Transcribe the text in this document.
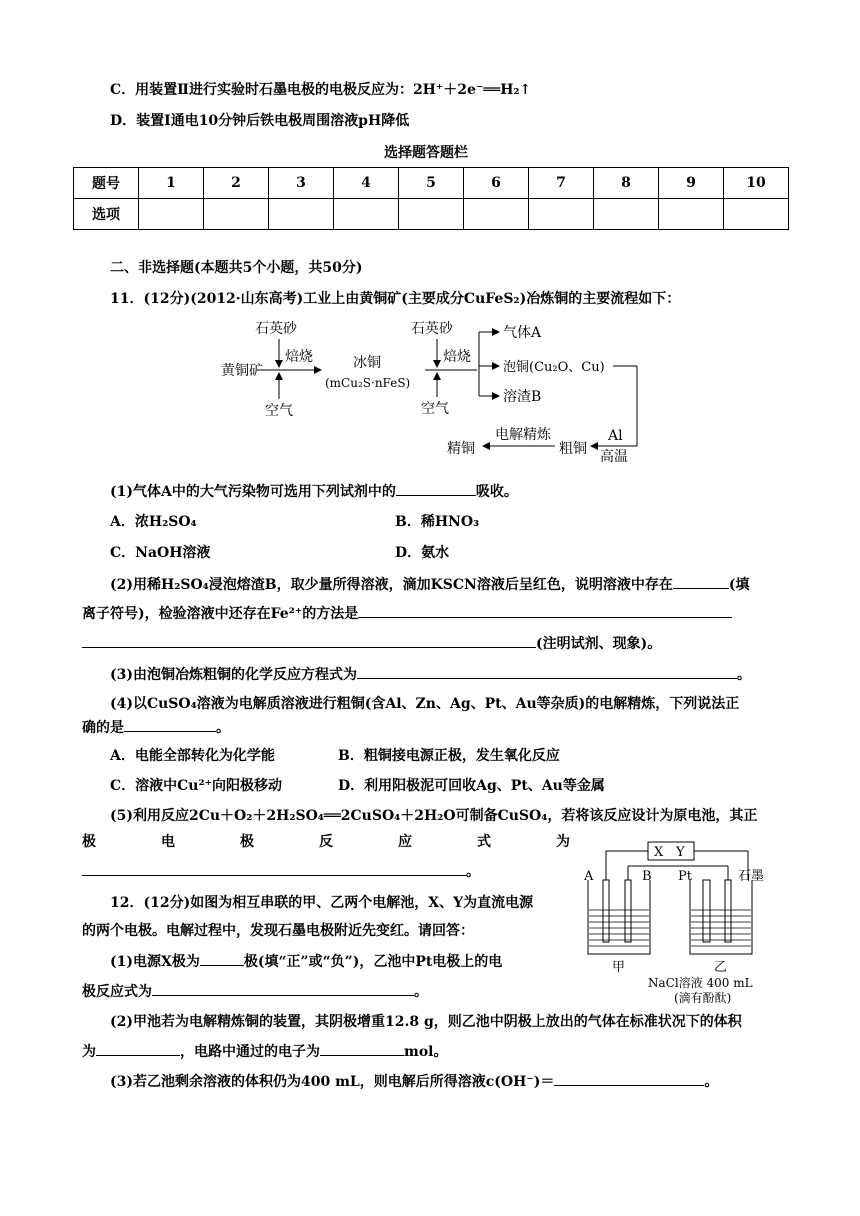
C．用装置Ⅱ进行实验时石墨电极的电极反应为：2H⁺＋2e⁻══H₂↑
D．装置Ⅰ通电10分钟后铁电极周围溶液pH降低
选择题答题栏
题号	1	2	3	4	5	6	7	8	9	10
选项										
二、非选择题(本题共5个小题，共50分)
11．(12分)(2012·山东高考)工业上由黄铜矿(主要成分CuFeS₂)冶炼铜的主要流程如下：
石英砂
焙烧
黄铜矿
空气
冰铜
(mCu₂S·nFeS)
石英砂
焙烧
空气
气体A
泡铜(Cu₂O、Cu)
溶渣B
电解精炼
精铜	粗铜
Al
高温
(1)气体A中的大气污染物可选用下列试剂中的	吸收。
A．浓H₂SO₄	B．稀HNO₃
C．NaOH溶液	D．氨水
(2)用稀H₂SO₄浸泡熔渣B，取少量所得溶液，滴加KSCN溶液后呈红色，说明溶液中存在	(填
离子符号)，检验溶液中还存在Fe²⁺的方法是
(注明试剂、现象)。
(3)由泡铜冶炼粗铜的化学反应方程式为	。
(4)以CuSO₄溶液为电解质溶液进行粗铜(含Al、Zn、Ag、Pt、Au等杂质)的电解精炼，下列说法正
确的是	。
A．电能全部转化为化学能	B．粗铜接电源正极，发生氧化反应
C．溶液中Cu²⁺向阳极移动	D．利用阳极泥可回收Ag、Pt、Au等金属
(5)利用反应2Cu＋O₂＋2H₂SO₄══2CuSO₄＋2H₂O可制备CuSO₄，若将该反应设计为原电池，其正
极	电	极	反	应	式	为
。
12．(12分)如图为相互串联的甲、乙两个电解池，X、Y为直流电源
的两个电极。电解过程中，发现石墨电极附近先变红。请回答：
(1)电源X极为	极(填“正”或“负”)，乙池中Pt电极上的电
极反应式为	。
X Y
A	B Pt	石墨
甲	乙
NaCl溶液 400 mL
(滴有酚酞)
(2)甲池若为电解精炼铜的装置，其阴极增重12.8 g，则乙池中阴极上放出的气体在标准状况下的体积
为	，电路中通过的电子为	mol。
(3)若乙池剩余溶液的体积仍为400 mL，则电解后所得溶液c(OH⁻)＝	。
